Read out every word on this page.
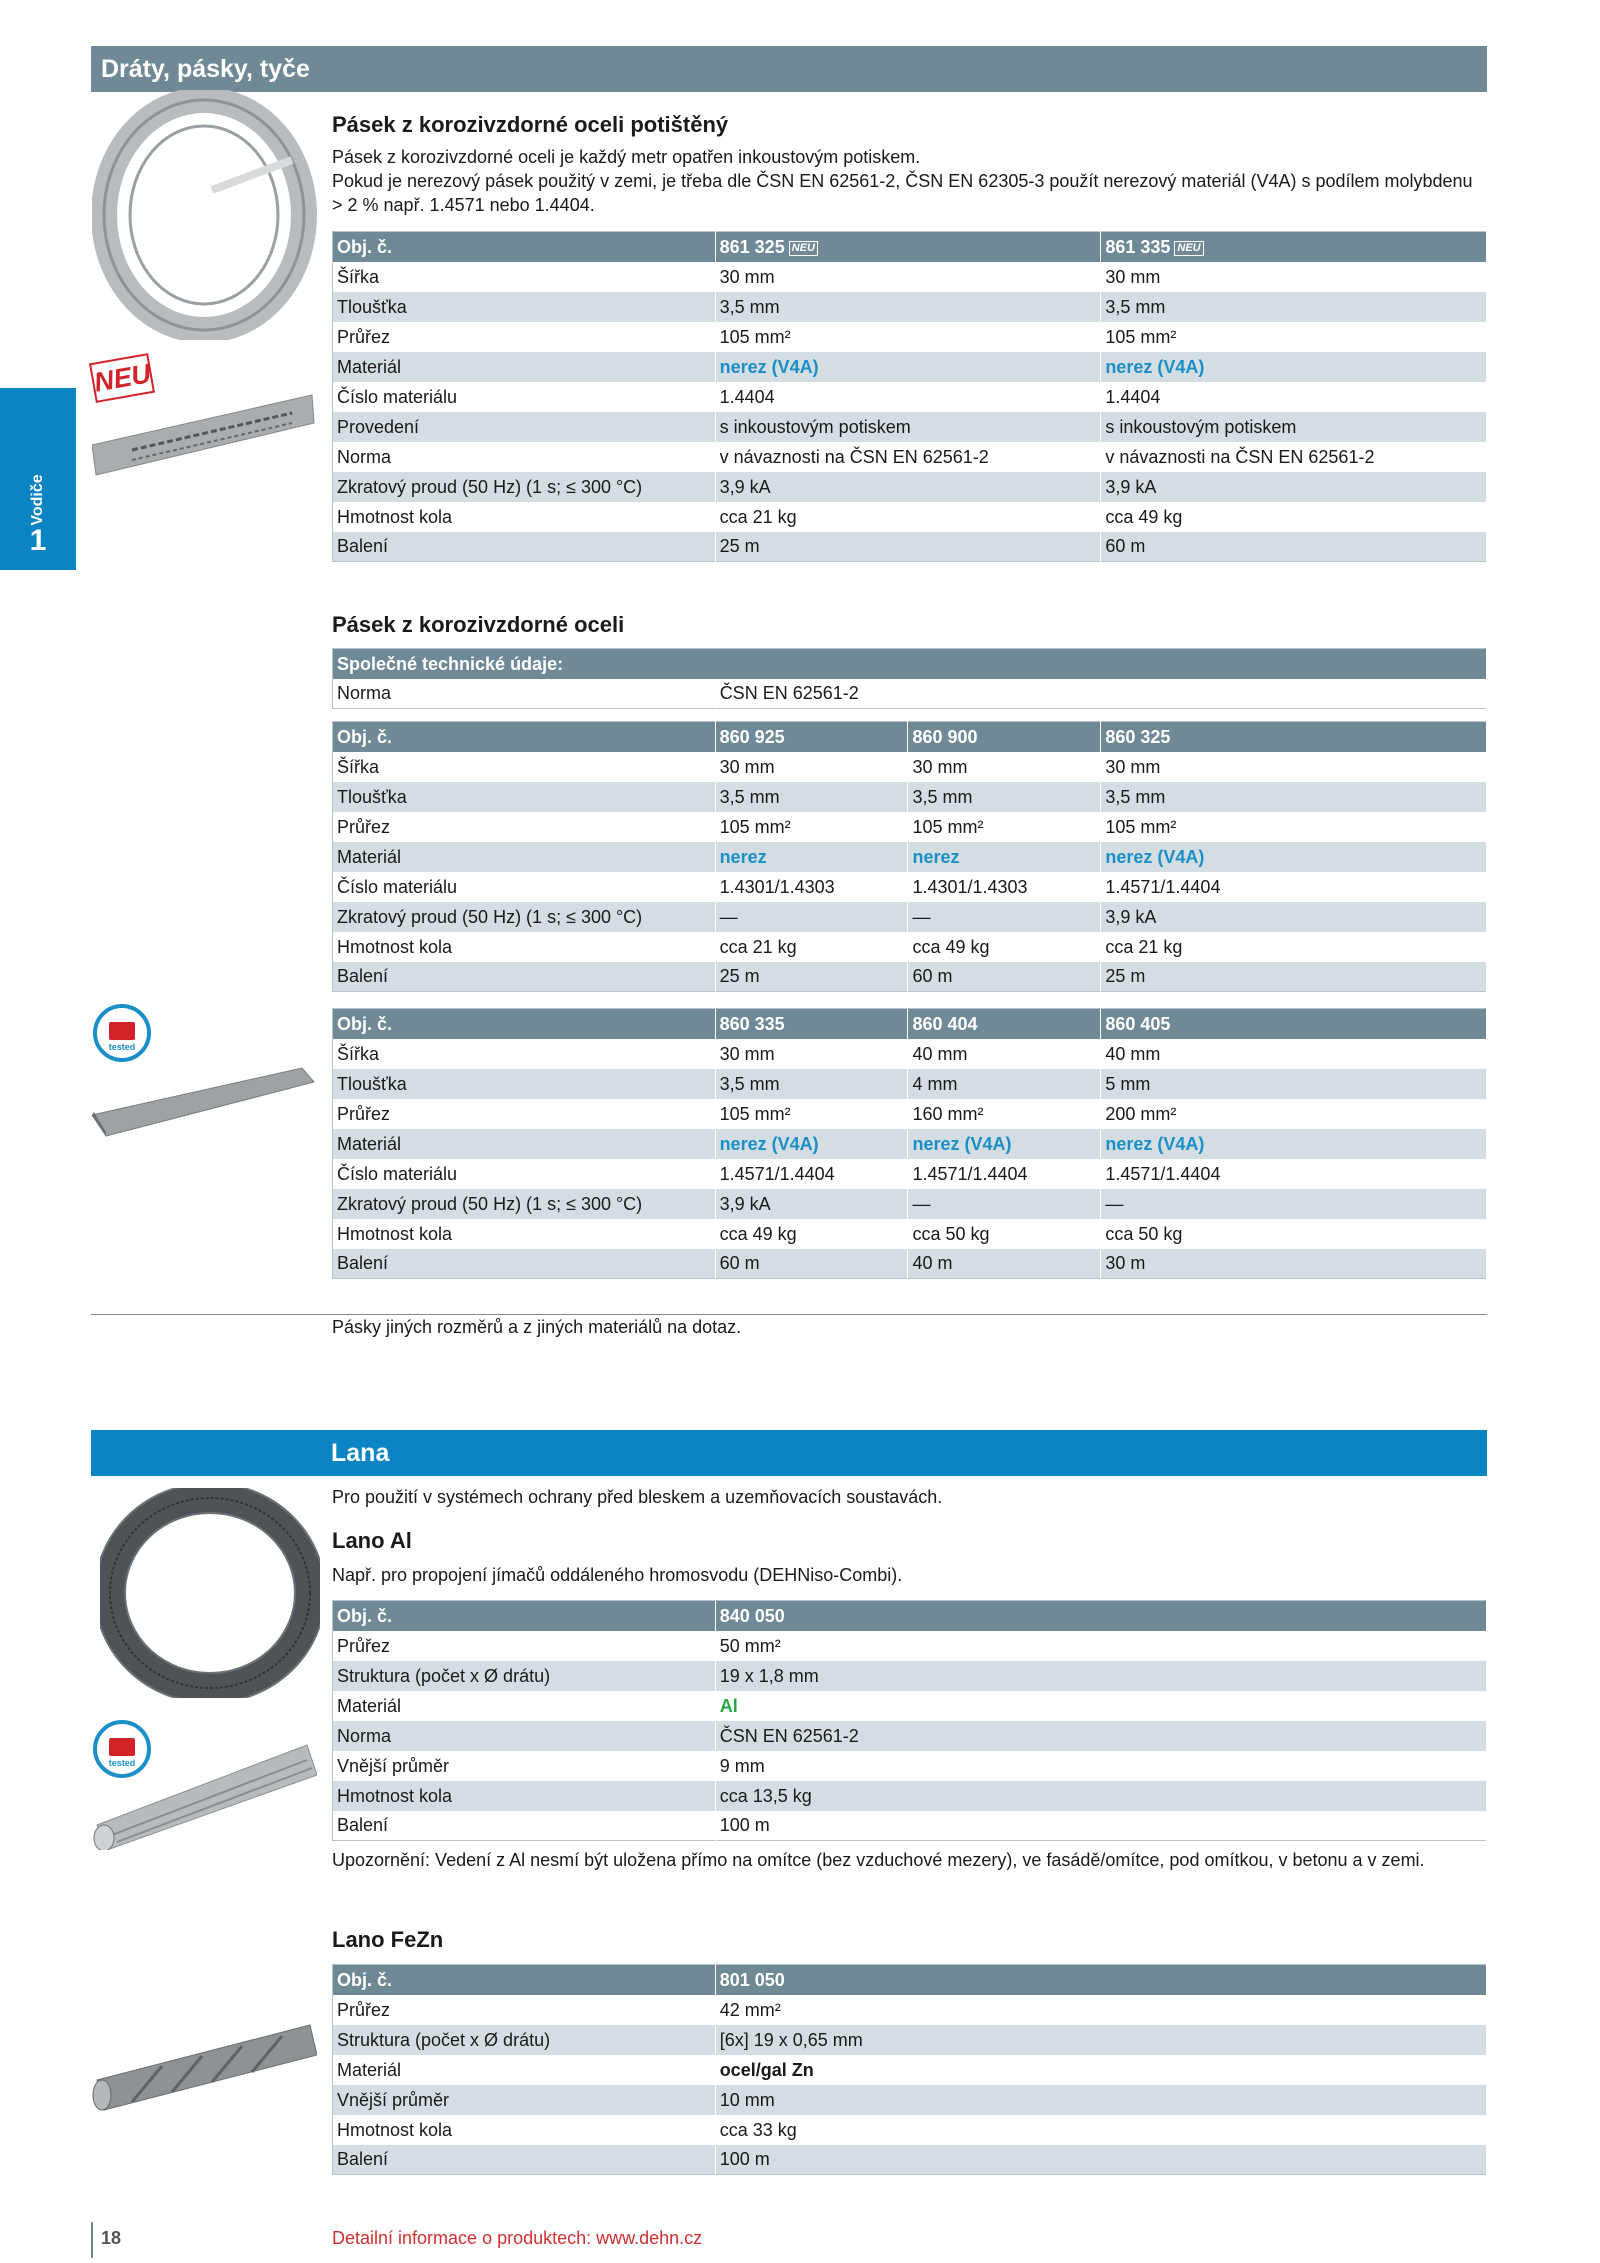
Dráty, pásky, tyče
Vodiče
1
NEU
tested
tested
Pásek z korozivzdorné oceli potištěný
Pásek z korozivzdorné oceli je každý metr opatřen inkoustovým potiskem.
Pokud je nerezový pásek použitý v zemi, je třeba dle ČSN EN 62561-2, ČSN EN 62305-3 použít nerezový materiál (V4A) s podílem molybdenu
> 2 % např. 1.4571 nebo 1.4404.
Obj. č.	861 325 NEU	861 335 NEU
Šířka	30 mm	30 mm
Tloušťka	3,5 mm	3,5 mm
Průřez	105 mm²	105 mm²
Materiál	nerez (V4A)	nerez (V4A)
Číslo materiálu	1.4404	1.4404
Provedení	s inkoustovým potiskem	s inkoustovým potiskem
Norma	v návaznosti na ČSN EN 62561-2	v návaznosti na ČSN EN 62561-2
Zkratový proud (50 Hz) (1 s; ≤ 300 °C)	3,9 kA	3,9 kA
Hmotnost kola	cca 21 kg	cca 49 kg
Balení	25 m	60 m
Pásek z korozivzdorné oceli
Společné technické údaje:
Norma	ČSN EN 62561-2
Obj. č.	860 925	860 900	860 325
Šířka	30 mm	30 mm	30 mm
Tloušťka	3,5 mm	3,5 mm	3,5 mm
Průřez	105 mm²	105 mm²	105 mm²
Materiál	nerez	nerez	nerez (V4A)
Číslo materiálu	1.4301/1.4303	1.4301/1.4303	1.4571/1.4404
Zkratový proud (50 Hz) (1 s; ≤ 300 °C)	—	—	3,9 kA
Hmotnost kola	cca 21 kg	cca 49 kg	cca 21 kg
Balení	25 m	60 m	25 m
Obj. č.	860 335	860 404	860 405
Šířka	30 mm	40 mm	40 mm
Tloušťka	3,5 mm	4 mm	5 mm
Průřez	105 mm²	160 mm²	200 mm²
Materiál	nerez (V4A)	nerez (V4A)	nerez (V4A)
Číslo materiálu	1.4571/1.4404	1.4571/1.4404	1.4571/1.4404
Zkratový proud (50 Hz) (1 s; ≤ 300 °C)	3,9 kA	—	—
Hmotnost kola	cca 49 kg	cca 50 kg	cca 50 kg
Balení	60 m	40 m	30 m
Pásky jiných rozměrů a z jiných materiálů na dotaz.
Lana
Pro použití v systémech ochrany před bleskem a uzemňovacích soustavách.
Lano Al
Např. pro propojení jímačů oddáleného hromosvodu (DEHNiso-Combi).
Obj. č.	840 050
Průřez	50 mm²
Struktura (počet x Ø drátu)	19 x 1,8 mm
Materiál	Al
Norma	ČSN EN 62561-2
Vnější průměr	9 mm
Hmotnost kola	cca 13,5 kg
Balení	100 m
Upozornění: Vedení z Al nesmí být uložena přímo na omítce (bez vzduchové mezery), ve fasádě/omítce, pod omítkou, v betonu a v zemi.
Lano FeZn
Obj. č.	801 050
Průřez	42 mm²
Struktura (počet x Ø drátu)	[6x] 19 x 0,65 mm
Materiál	ocel/gal Zn
Vnější průměr	10 mm
Hmotnost kola	cca 33 kg
Balení	100 m
18	Detailní informace o produktech: www.dehn.cz
